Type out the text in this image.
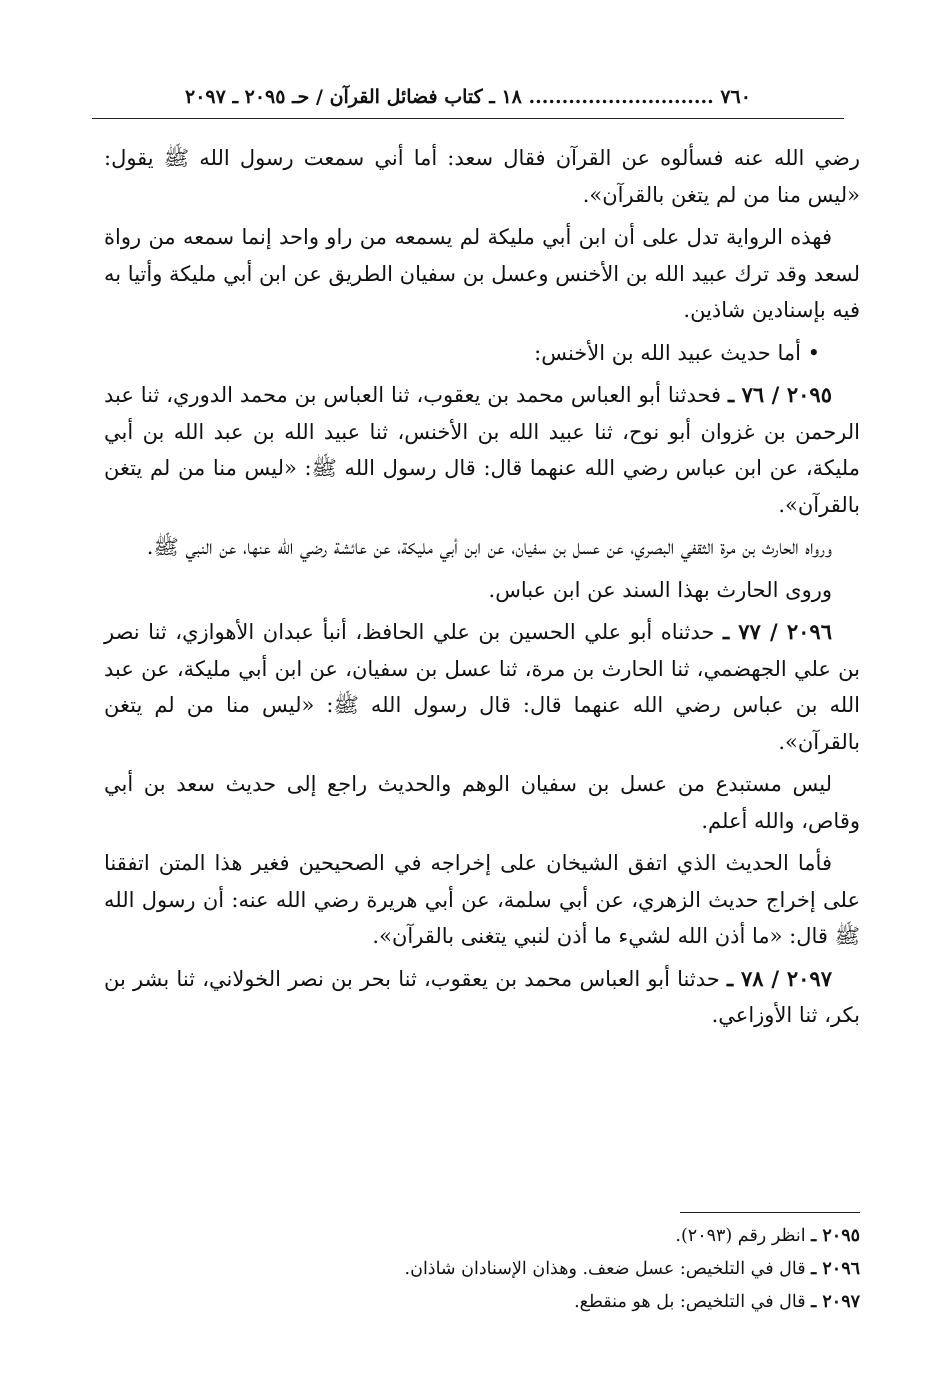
٧٦٠ ............................ ١٨ ـ كتاب فضائل القرآن / حـ ٢٠٩٥ ـ ٢٠٩٧

رضي الله عنه فسألوه عن القرآن فقال سعد: أما أني سمعت رسول الله ﷺ يقول: «ليس منا من لم يتغن بالقرآن».

فهذه الرواية تدل على أن ابن أبي مليكة لم يسمعه من راو واحد إنما سمعه من رواة لسعد وقد ترك عبيد الله بن الأخنس وعسل بن سفيان الطريق عن ابن أبي مليكة وأتيا به فيه بإسنادين شاذين.

• أما حديث عبيد الله بن الأخنس:

٢٠٩٥ / ٧٦ ـ فحدثنا أبو العباس محمد بن يعقوب، ثنا العباس بن محمد الدوري، ثنا عبد الرحمن بن غزوان أبو نوح، ثنا عبيد الله بن الأخنس، ثنا عبيد الله بن عبد الله بن أبي مليكة، عن ابن عباس رضي الله عنهما قال: قال رسول الله ﷺ: «ليس منا من لم يتغن بالقرآن».

ورواه الحارث بن مرة الثقفي البصري، عن عسل بن سفيان، عن ابن أبي مليكة، عن عائشة رضي الله عنها، عن النبي ﷺ.

وروى الحارث بهذا السند عن ابن عباس.

٢٠٩٦ / ٧٧ ـ حدثناه أبو علي الحسين بن علي الحافظ، أنبأ عبدان الأهوازي، ثنا نصر بن علي الجهضمي، ثنا الحارث بن مرة، ثنا عسل بن سفيان، عن ابن أبي مليكة، عن عبد الله بن عباس رضي الله عنهما قال: قال رسول الله ﷺ: «ليس منا من لم يتغن بالقرآن».

ليس مستبدع من عسل بن سفيان الوهم والحديث راجع إلى حديث سعد بن أبي وقاص، والله أعلم.

فأما الحديث الذي اتفق الشيخان على إخراجه في الصحيحين فغير هذا المتن اتفقنا على إخراج حديث الزهري، عن أبي سلمة، عن أبي هريرة رضي الله عنه: أن رسول الله ﷺ قال: «ما أذن الله لشيء ما أذن لنبي يتغنى بالقرآن».

٢٠٩٧ / ٧٨ ـ حدثنا أبو العباس محمد بن يعقوب، ثنا بحر بن نصر الخولاني، ثنا بشر بن بكر، ثنا الأوزاعي.

٢٠٩٥ ـ انظر رقم (٢٠٩٣).
٢٠٩٦ ـ قال في التلخيص: عسل ضعف. وهذان الإسنادان شاذان.
٢٠٩٧ ـ قال في التلخيص: بل هو منقطع.
